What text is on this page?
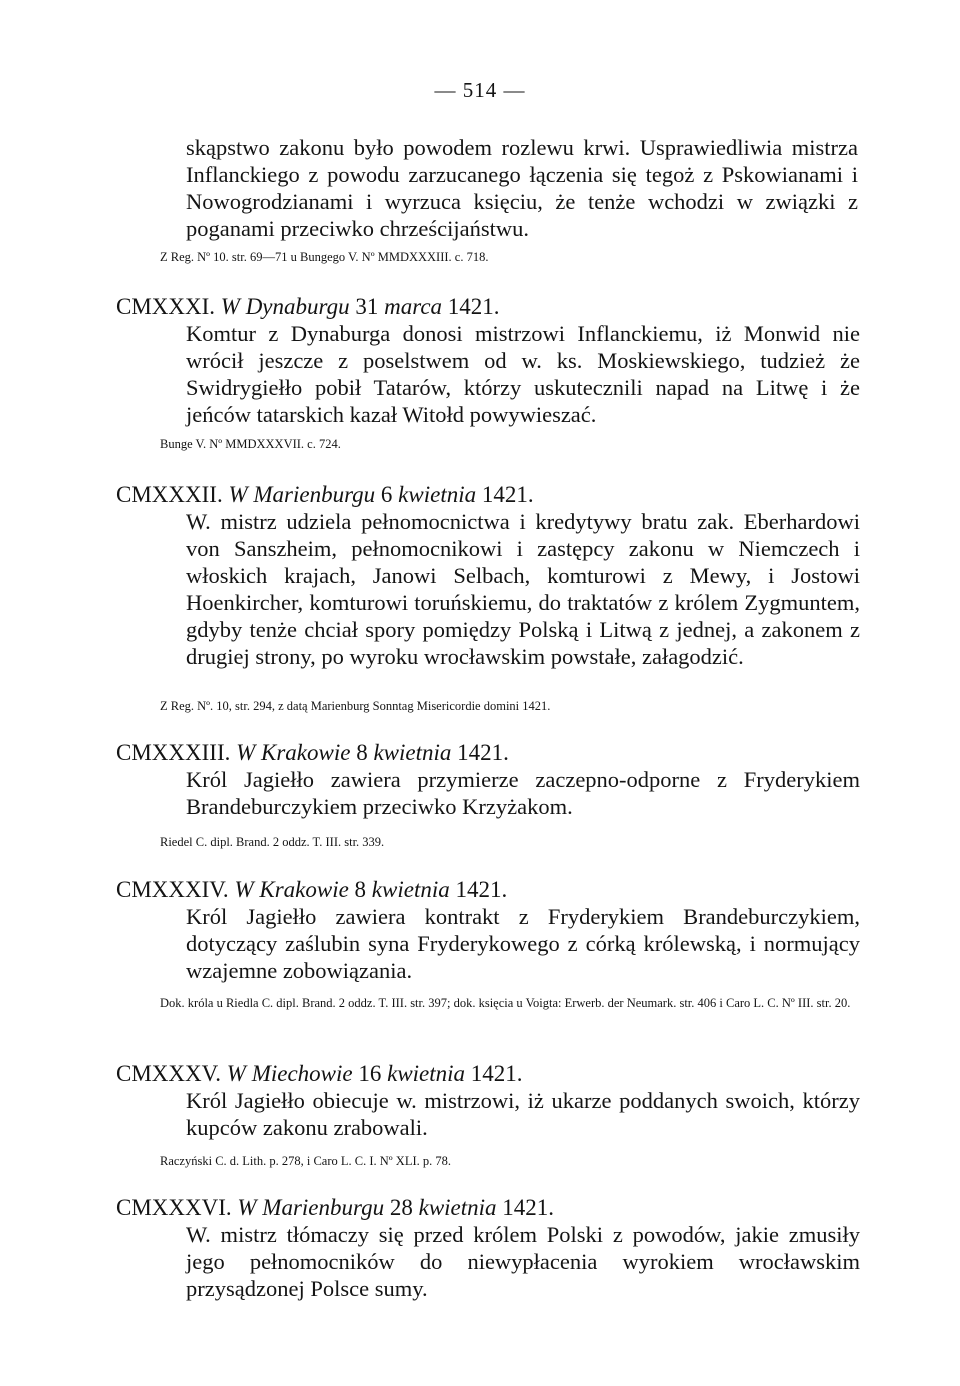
— 514 —

skąpstwo zakonu było powodem rozlewu krwi. Usprawiedliwia mistrza Inflanckiego z powodu zarzucanego łączenia się tegoż z Pskowianami i Nowogrodzianami i wyrzuca księciu, że tenże wchodzi w związki z poganami przeciwko chrześcijaństwu.

Z Reg. Nº 10. str. 69—71 u Bungego V. Nº MMDXXXIII. c. 718.
CMXXXI. W Dynaburgu 31 marca 1421.
Komtur z Dynaburga donosi mistrzowi Inflanckiemu, iż Monwid nie wrócił jeszcze z poselstwem od w. ks. Moskiewskiego, tudzież że Swidrygiełło pobił Tatarów, którzy uskutecznili napad na Litwę i że jeńców tatarskich kazał Witołd powywieszać.
Bunge V. Nº MMDXXXVII. c. 724.
CMXXXII. W Marienburgu 6 kwietnia 1421.
W. mistrz udziela pełnomocnictwa i kredytywy bratu zak. Eberhardowi von Sanszheim, pełnomocnikowi i zastępcy zakonu w Niemczech i włoskich krajach, Janowi Selbach, komturowi z Mewy, i Jostowi Hoenkircher, komturowi toruńskiemu, do traktatów z królem Zygmuntem, gdyby tenże chciał spory pomiędzy Polską i Litwą z jednej, a zakonem z drugiej strony, po wyroku wrocławskim powstałe, załagodzić.
Z Reg. Nº. 10, str. 294, z datą Marienburg Sonntag Misericordie domini 1421.
CMXXXIII. W Krakowie 8 kwietnia 1421.
Król Jagiełło zawiera przymierze zaczepno-odporne z Fryderykiem Brandeburczykiem przeciwko Krzyżakom.
Riedel C. dipl. Brand. 2 oddz. T. III. str. 339.
CMXXXIV. W Krakowie 8 kwietnia 1421.
Król Jagiełło zawiera kontrakt z Fryderykiem Brandeburczykiem, dotyczący zaślubin syna Fryderykowego z córką królewską, i normujący wzajemne zobowiązania.
Dok. króla u Riedla C. dipl. Brand. 2 oddz. T. III. str. 397; dok. księcia u Voigta: Erwerb. der Neumark. str. 406 i Caro L. C. Nº III. str. 20.
CMXXXV. W Miechowie 16 kwietnia 1421.
Król Jagiełło obiecuje w. mistrzowi, iż ukarze poddanych swoich, którzy kupców zakonu zrabowali.
Raczyński C. d. Lith. p. 278, i Caro L. C. I. Nº XLI. p. 78.
CMXXXVI. W Marienburgu 28 kwietnia 1421.
W. mistrz tłómaczy się przed królem Polski z powodów, jakie zmusiły jego pełnomocników do niewypłacenia wyrokiem wrocławskim przysądzonej Polsce sumy.
